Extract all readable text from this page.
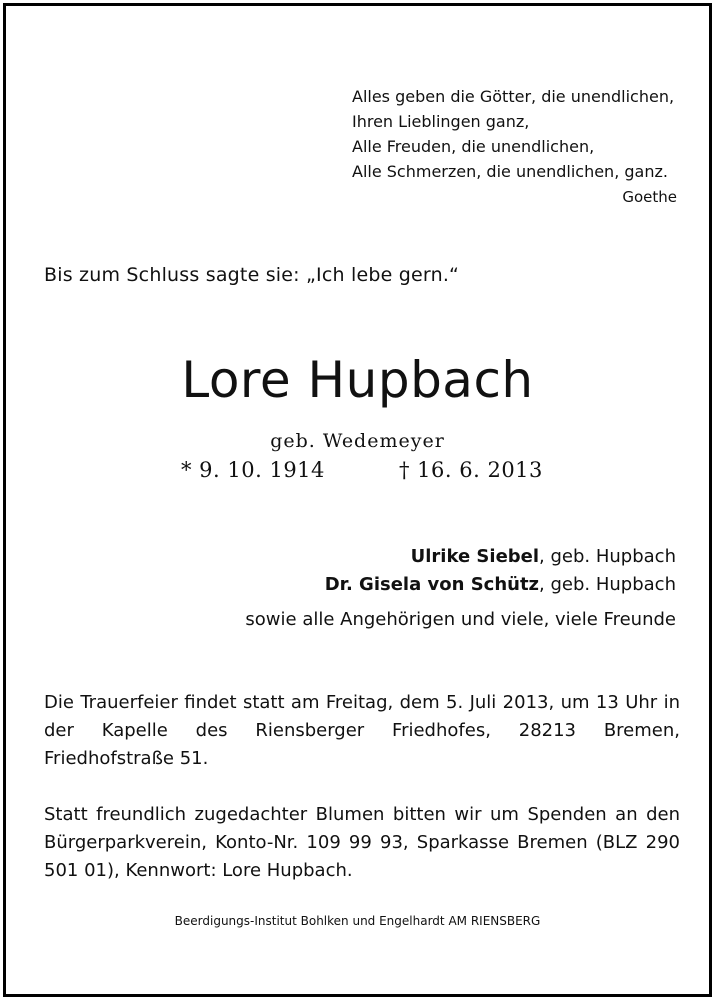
Alles geben die Götter, die unendlichen,
Ihren Lieblingen ganz,
Alle Freuden, die unendlichen,
Alle Schmerzen, die unendlichen, ganz.
Goethe
Bis zum Schluss sagte sie: „Ich lebe gern.“
Lore Hupbach
geb. Wedemeyer
* 9. 10. 1914	† 16. 6. 2013
Ulrike Siebel, geb. Hupbach
Dr. Gisela von Schütz, geb. Hupbach
sowie alle Angehörigen und viele, viele Freunde
Die Trauerfeier findet statt am Freitag, dem 5. Juli 2013, um 13 Uhr in der Kapelle des Riensberger Friedhofes, 28213 Bremen, Friedhofstraße 51.
Statt freundlich zugedachter Blumen bitten wir um Spenden an den Bürgerparkverein, Konto-Nr. 109 99 93, Sparkasse Bremen (BLZ 290 501 01), Kennwort: Lore Hupbach.
Beerdigungs-Institut Bohlken und Engelhardt AM RIENSBERG
